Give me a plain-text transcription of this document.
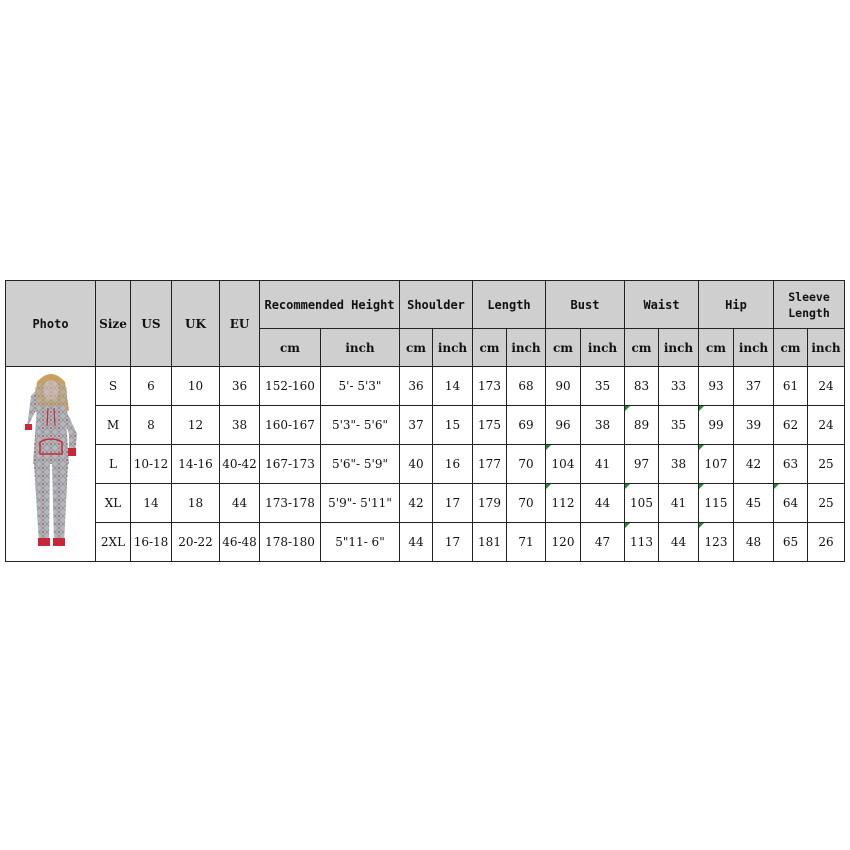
Photo	Size	US	UK	EU	Recommended Height		Shoulder		Length		Bust		Waist		Hip		Sleeve Length	
					cm	inch	cm	inch	cm	inch	cm	inch	cm	inch	cm	inch	cm	inch
	S	6	10	36	152-160	5'- 5'3"	36	14	173	68	90	35	83	33	93	37	61	24
	M	8	12	38	160-167	5'3"- 5'6"	37	15	175	69	96	38	89	35	99	39	62	24
	L	10-12	14-16	40-42	167-173	5'6"- 5'9"	40	16	177	70	104	41	97	38	107	42	63	25
	XL	14	18	44	173-178	5'9"- 5'11"	42	17	179	70	112	44	105	41	115	45	64	25
	2XL	16-18	20-22	46-48	178-180	5"11- 6"	44	17	181	71	120	47	113	44	123	48	65	26
